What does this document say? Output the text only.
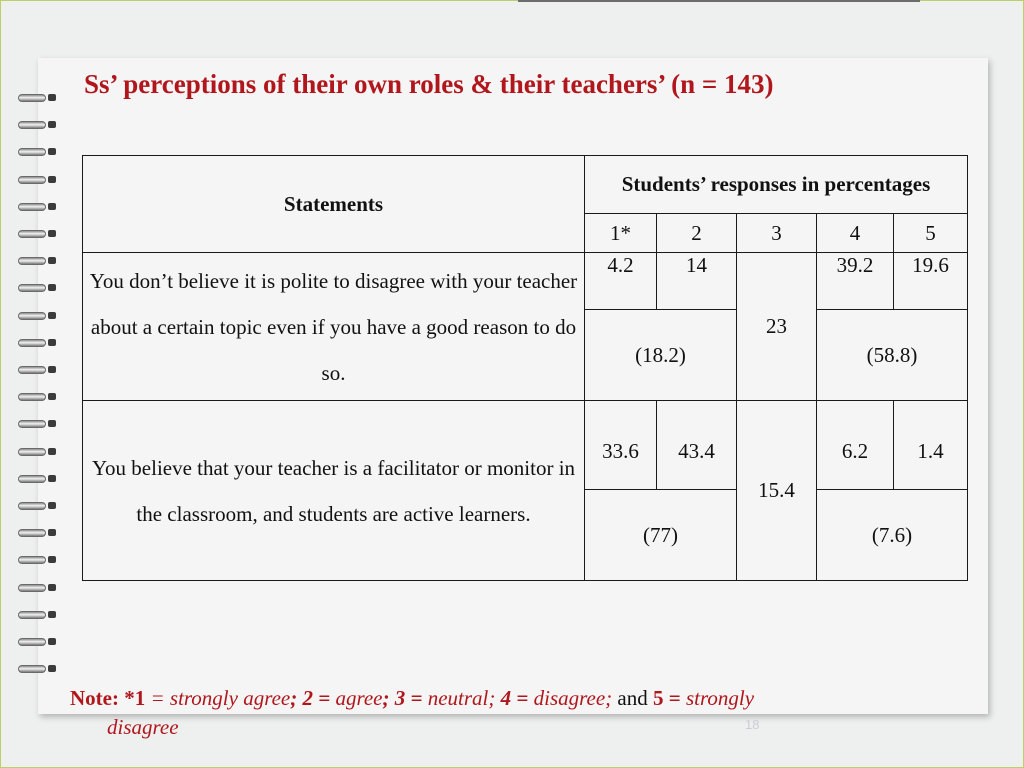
Ss’ perceptions of their own roles & their teachers’ (n = 143)
Statements	Students’ responses in percentages				
	1*	2	3	4	5
You don’t believe it is polite to disagree with your teacher about a certain topic even if you have a good reason to do so.	4.2	14	23	39.2	19.6
	(18.2)			(58.8)	
You believe that your teacher is a facilitator or monitor in the classroom, and students are active learners.	33.6	43.4	15.4	6.2	1.4
	(77)			(7.6)	
Note: *1 = strongly agree; 2 = agree; 3 = neutral; 4 = disagree; and 5 = strongly
disagree	18
